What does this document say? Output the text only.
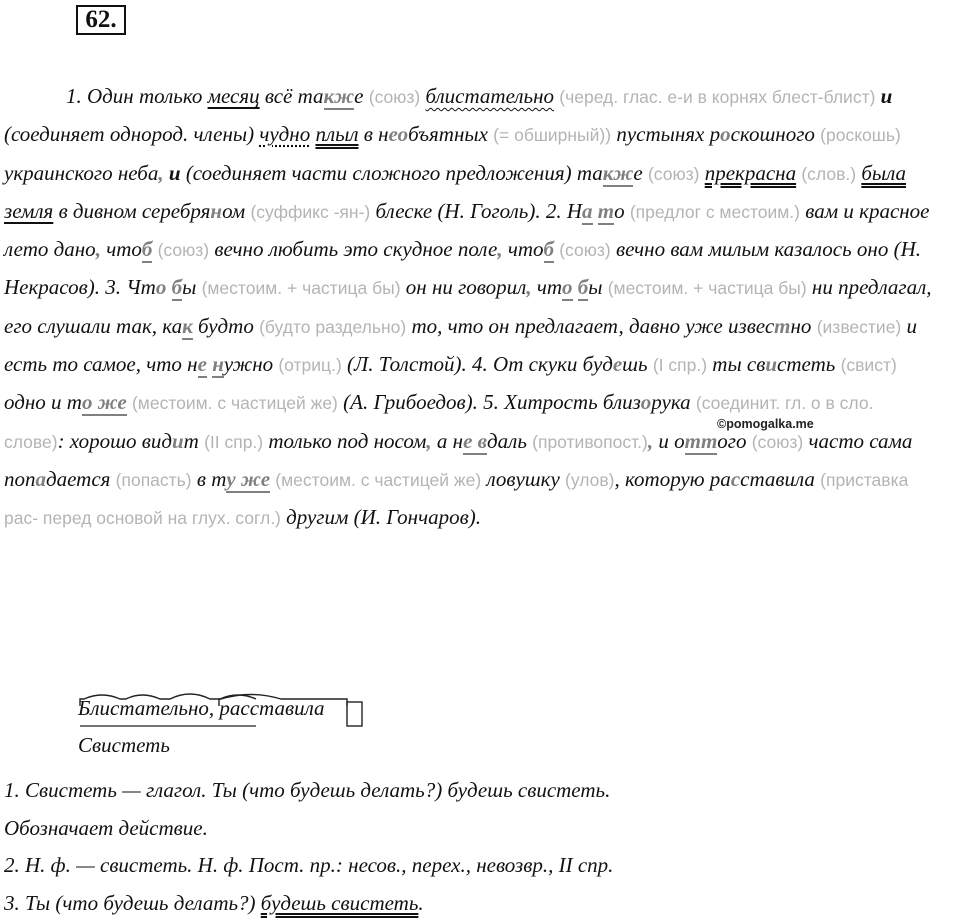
62.
1. Один только месяц всё также (союз) блистательно (черед. глас. е-и в корнях блест-блист) и (соединяет однород. члены) чудно плыл в необъятных (= обширный)) пустынях роскошного (роскошь) украинского неба, и (соединяет части сложного предложения) также (союз) прекрасна (слов.) была земля в дивном серебряном (суффикс -ян-) блеске (Н. Гоголь). 2. На то (предлог с местоим.) вам и красное лето дано, чтоб (союз) вечно любить это скудное поле, чтоб (союз) вечно вам милым казалось оно (Н. Некрасов). 3. Что бы (местоим. + частица бы) он ни говорил, что бы (местоим. + частица бы) ни предлагал, его слушали так, как будто (будто раздельно) то, что он предлагает, давно уже известно (известие) и есть то самое, что не нужно (отриц.) (Л. Толстой). 4. От скуки будешь (I спр.) ты свистеть (свист) одно и то же (местоим. с частицей же) (А. Грибоедов). 5. Хитрость близорука (соединит. гл. о в сло. слове): хорошо видит (II спр.) только под носом, а не вдаль (противопост.), и оттого (союз) часто сама попадается (попасть) в ту же (местоим. с частицей же) ловушку (улов), которую расставила (приставка рас- перед основой на глух. согл.) другим (И. Гончаров).
©pomogalka.me
Блистательно, расставила
Свистеть
1. Свистеть — глагол. Ты (что будешь делать?) будешь свистеть.
Обозначает действие.
2. Н. ф. — свистеть. Н. ф. Пост. пр.: несов., перех., невозвр., II спр.
3. Ты (что будешь делать?) будешь свистеть.
